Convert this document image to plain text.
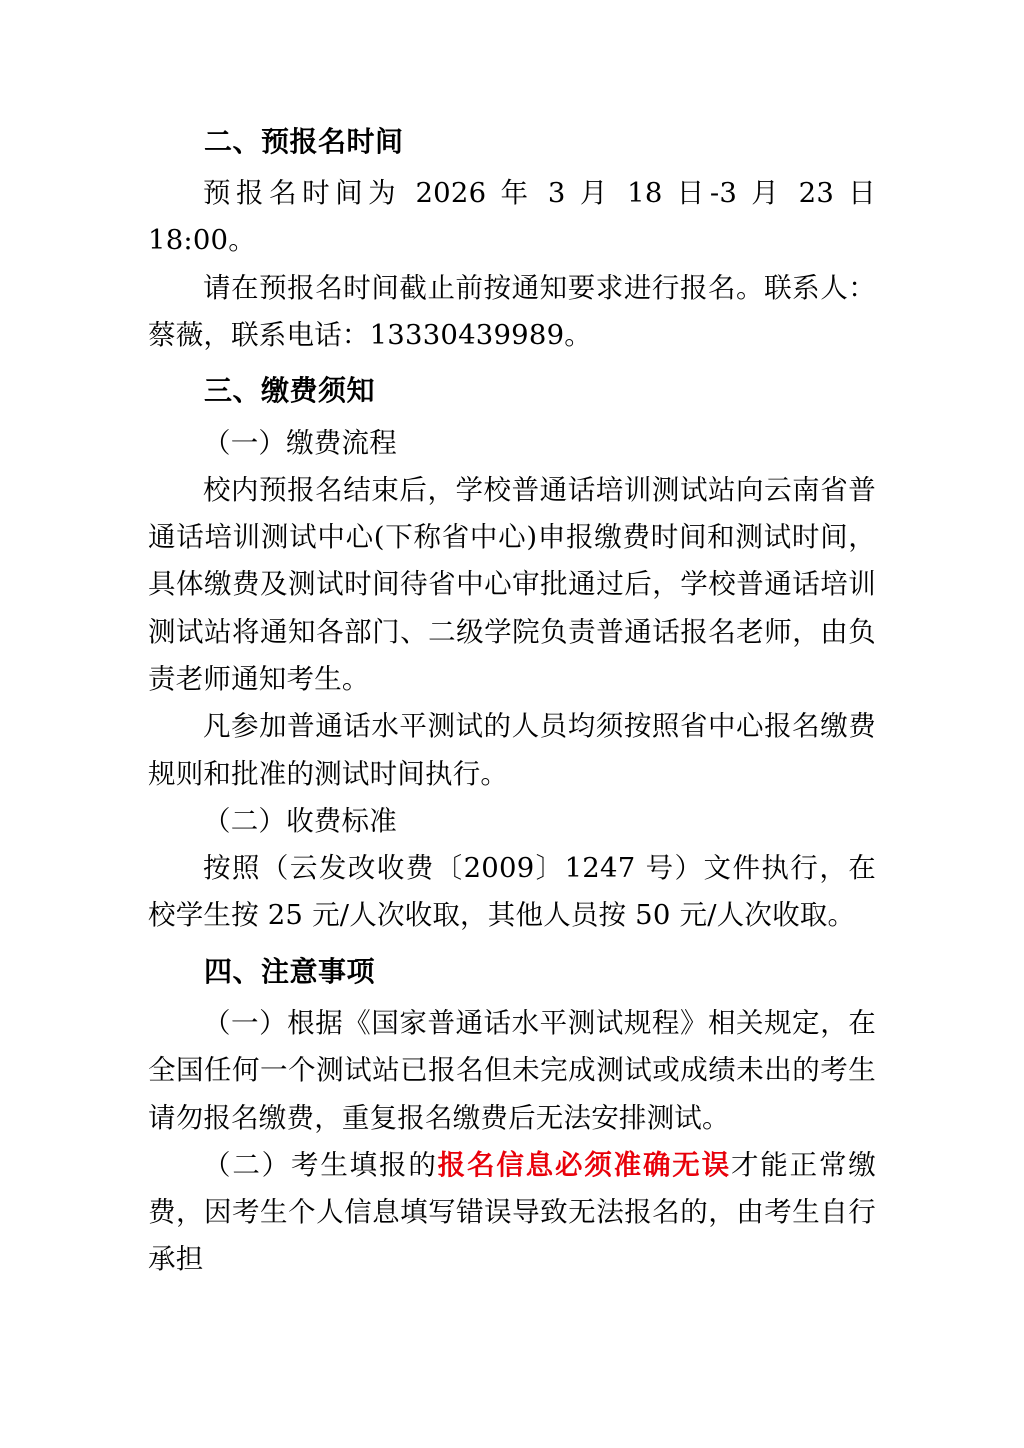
二、预报名时间

预报名时间为 2026 年 3 月 18 日-3 月 23 日 18:00。

请在预报名时间截止前按通知要求进行报名。联系人：蔡薇，联系电话：13330439989。

三、缴费须知

（一）缴费流程

校内预报名结束后，学校普通话培训测试站向云南省普通话培训测试中心(下称省中心)申报缴费时间和测试时间，具体缴费及测试时间待省中心审批通过后，学校普通话培训测试站将通知各部门、二级学院负责普通话报名老师，由负责老师通知考生。

凡参加普通话水平测试的人员均须按照省中心报名缴费规则和批准的测试时间执行。

（二）收费标准

按照（云发改收费〔2009〕1247 号）文件执行，在校学生按 25 元/人次收取，其他人员按 50 元/人次收取。

四、注意事项

（一）根据《国家普通话水平测试规程》相关规定，在全国任何一个测试站已报名但未完成测试或成绩未出的考生请勿报名缴费，重复报名缴费后无法安排测试。

（二）考生填报的报名信息必须准确无误才能正常缴费，因考生个人信息填写错误导致无法报名的，由考生自行承担
